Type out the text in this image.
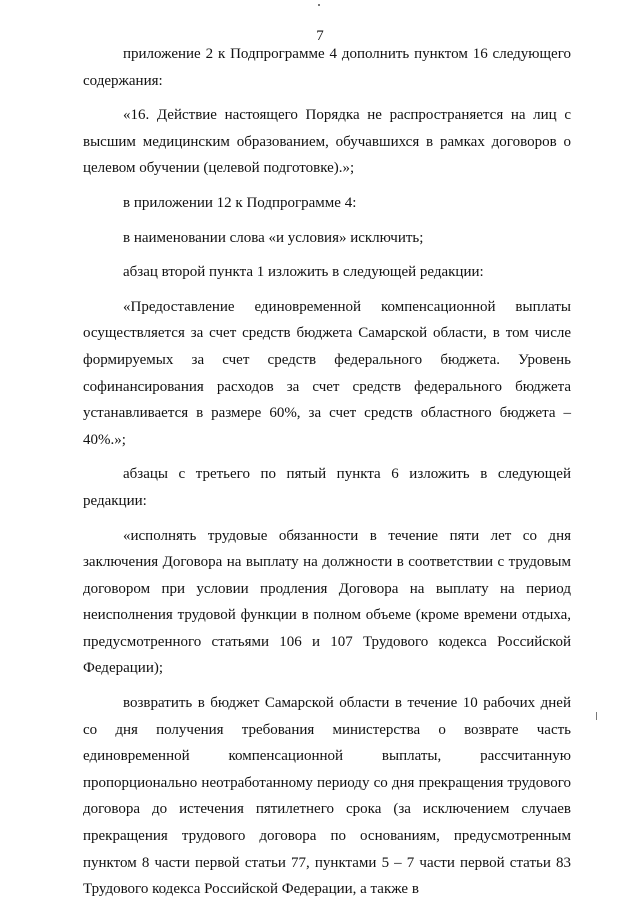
7

приложение 2 к Подпрограмме 4 дополнить пунктом 16 следующего содержания:

«16. Действие настоящего Порядка не распространяется на лиц с высшим медицинским образованием, обучавшихся в рамках договоров о целевом обучении (целевой подготовке).»;

в приложении 12 к Подпрограмме 4:

в наименовании слова «и условия» исключить;

абзац второй пункта 1 изложить в следующей редакции:

«Предоставление единовременной компенсационной выплаты осуществляется за счет средств бюджета Самарской области, в том числе формируемых за счет средств федерального бюджета. Уровень софинансирования расходов за счет средств федерального бюджета устанавливается в размере 60%, за счет средств областного бюджета – 40%.»;

абзацы с третьего по пятый пункта 6 изложить в следующей редакции:

«исполнять трудовые обязанности в течение пяти лет со дня заключения Договора на выплату на должности в соответствии с трудовым договором при условии продления Договора на выплату на период неисполнения трудовой функции в полном объеме (кроме времени отдыха, предусмотренного статьями 106 и 107 Трудового кодекса Российской Федерации);

возвратить в бюджет Самарской области в течение 10 рабочих дней со дня получения требования министерства о возврате часть единовременной компенсационной выплаты, рассчитанную пропорционально неотработанному периоду со дня прекращения трудового договора до истечения пятилетнего срока (за исключением случаев прекращения трудового договора по основаниям, предусмотренным пунктом 8 части первой статьи 77, пунктами 5 – 7 части первой статьи 83 Трудового кодекса Российской Федерации, а также в
